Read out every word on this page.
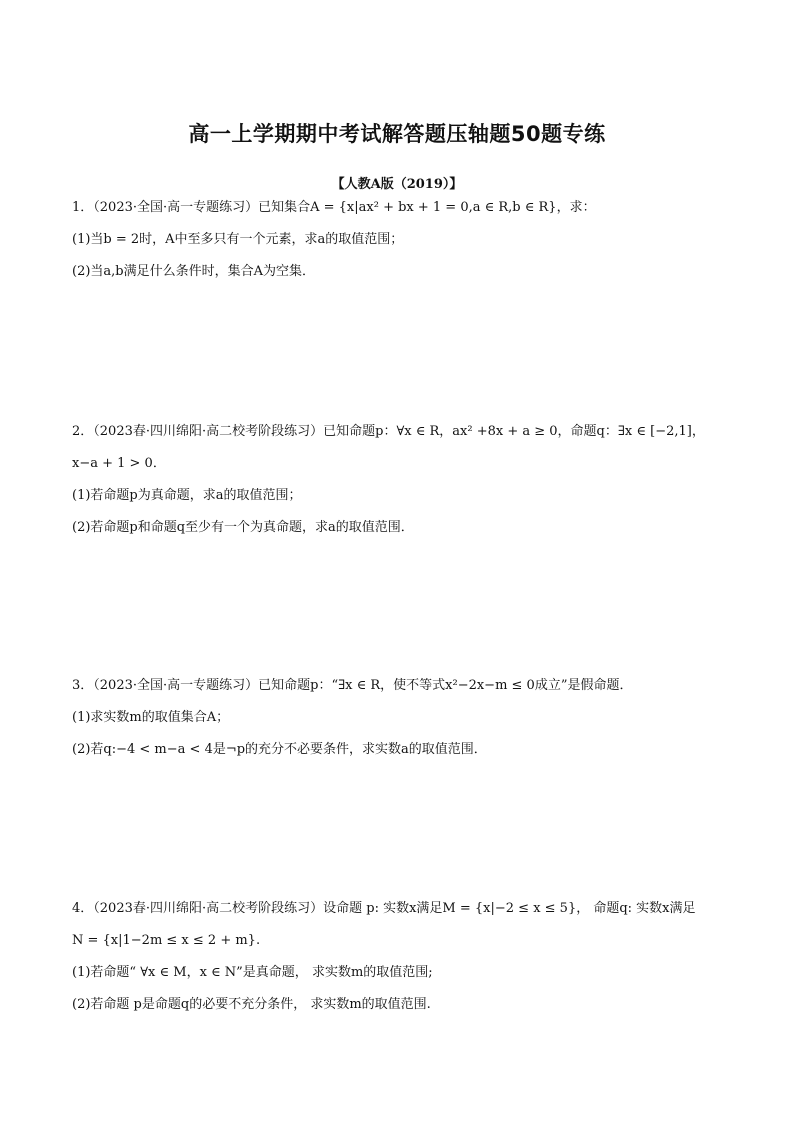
高一上学期期中考试解答题压轴题50题专练
【人教A版（2019）】
1．（2023·全国·高一专题练习）已知集合A = {x|ax² + bx + 1 = 0,a ∈ R,b ∈ R}，求：
(1)当b = 2时，A中至多只有一个元素，求a的取值范围；
(2)当a,b满足什么条件时，集合A为空集．
2．（2023春·四川绵阳·高二校考阶段练习）已知命题p：∀x ∈ R，ax² +8x + a ≥ 0，命题q：∃x ∈ [−2,1]，
x−a + 1 > 0．
(1)若命题p为真命题，求a的取值范围；
(2)若命题p和命题q至少有一个为真命题，求a的取值范围．
3．（2023·全国·高一专题练习）已知命题p：“∃x ∈ R，使不等式x²−2x−m ≤ 0成立”是假命题．
(1)求实数m的取值集合A；
(2)若q:−4 < m−a < 4是¬p的充分不必要条件，求实数a的取值范围．
4．（2023春·四川绵阳·高二校考阶段练习）设命题 p: 实数x满足M = {x|−2 ≤ x ≤ 5}， 命题q: 实数x满足
N = {x|1−2m ≤ x ≤ 2 + m}.
(1)若命题“ ∀x ∈ M，x ∈ N”是真命题， 求实数m的取值范围;
(2)若命题 p是命题q的必要不充分条件， 求实数m的取值范围.
